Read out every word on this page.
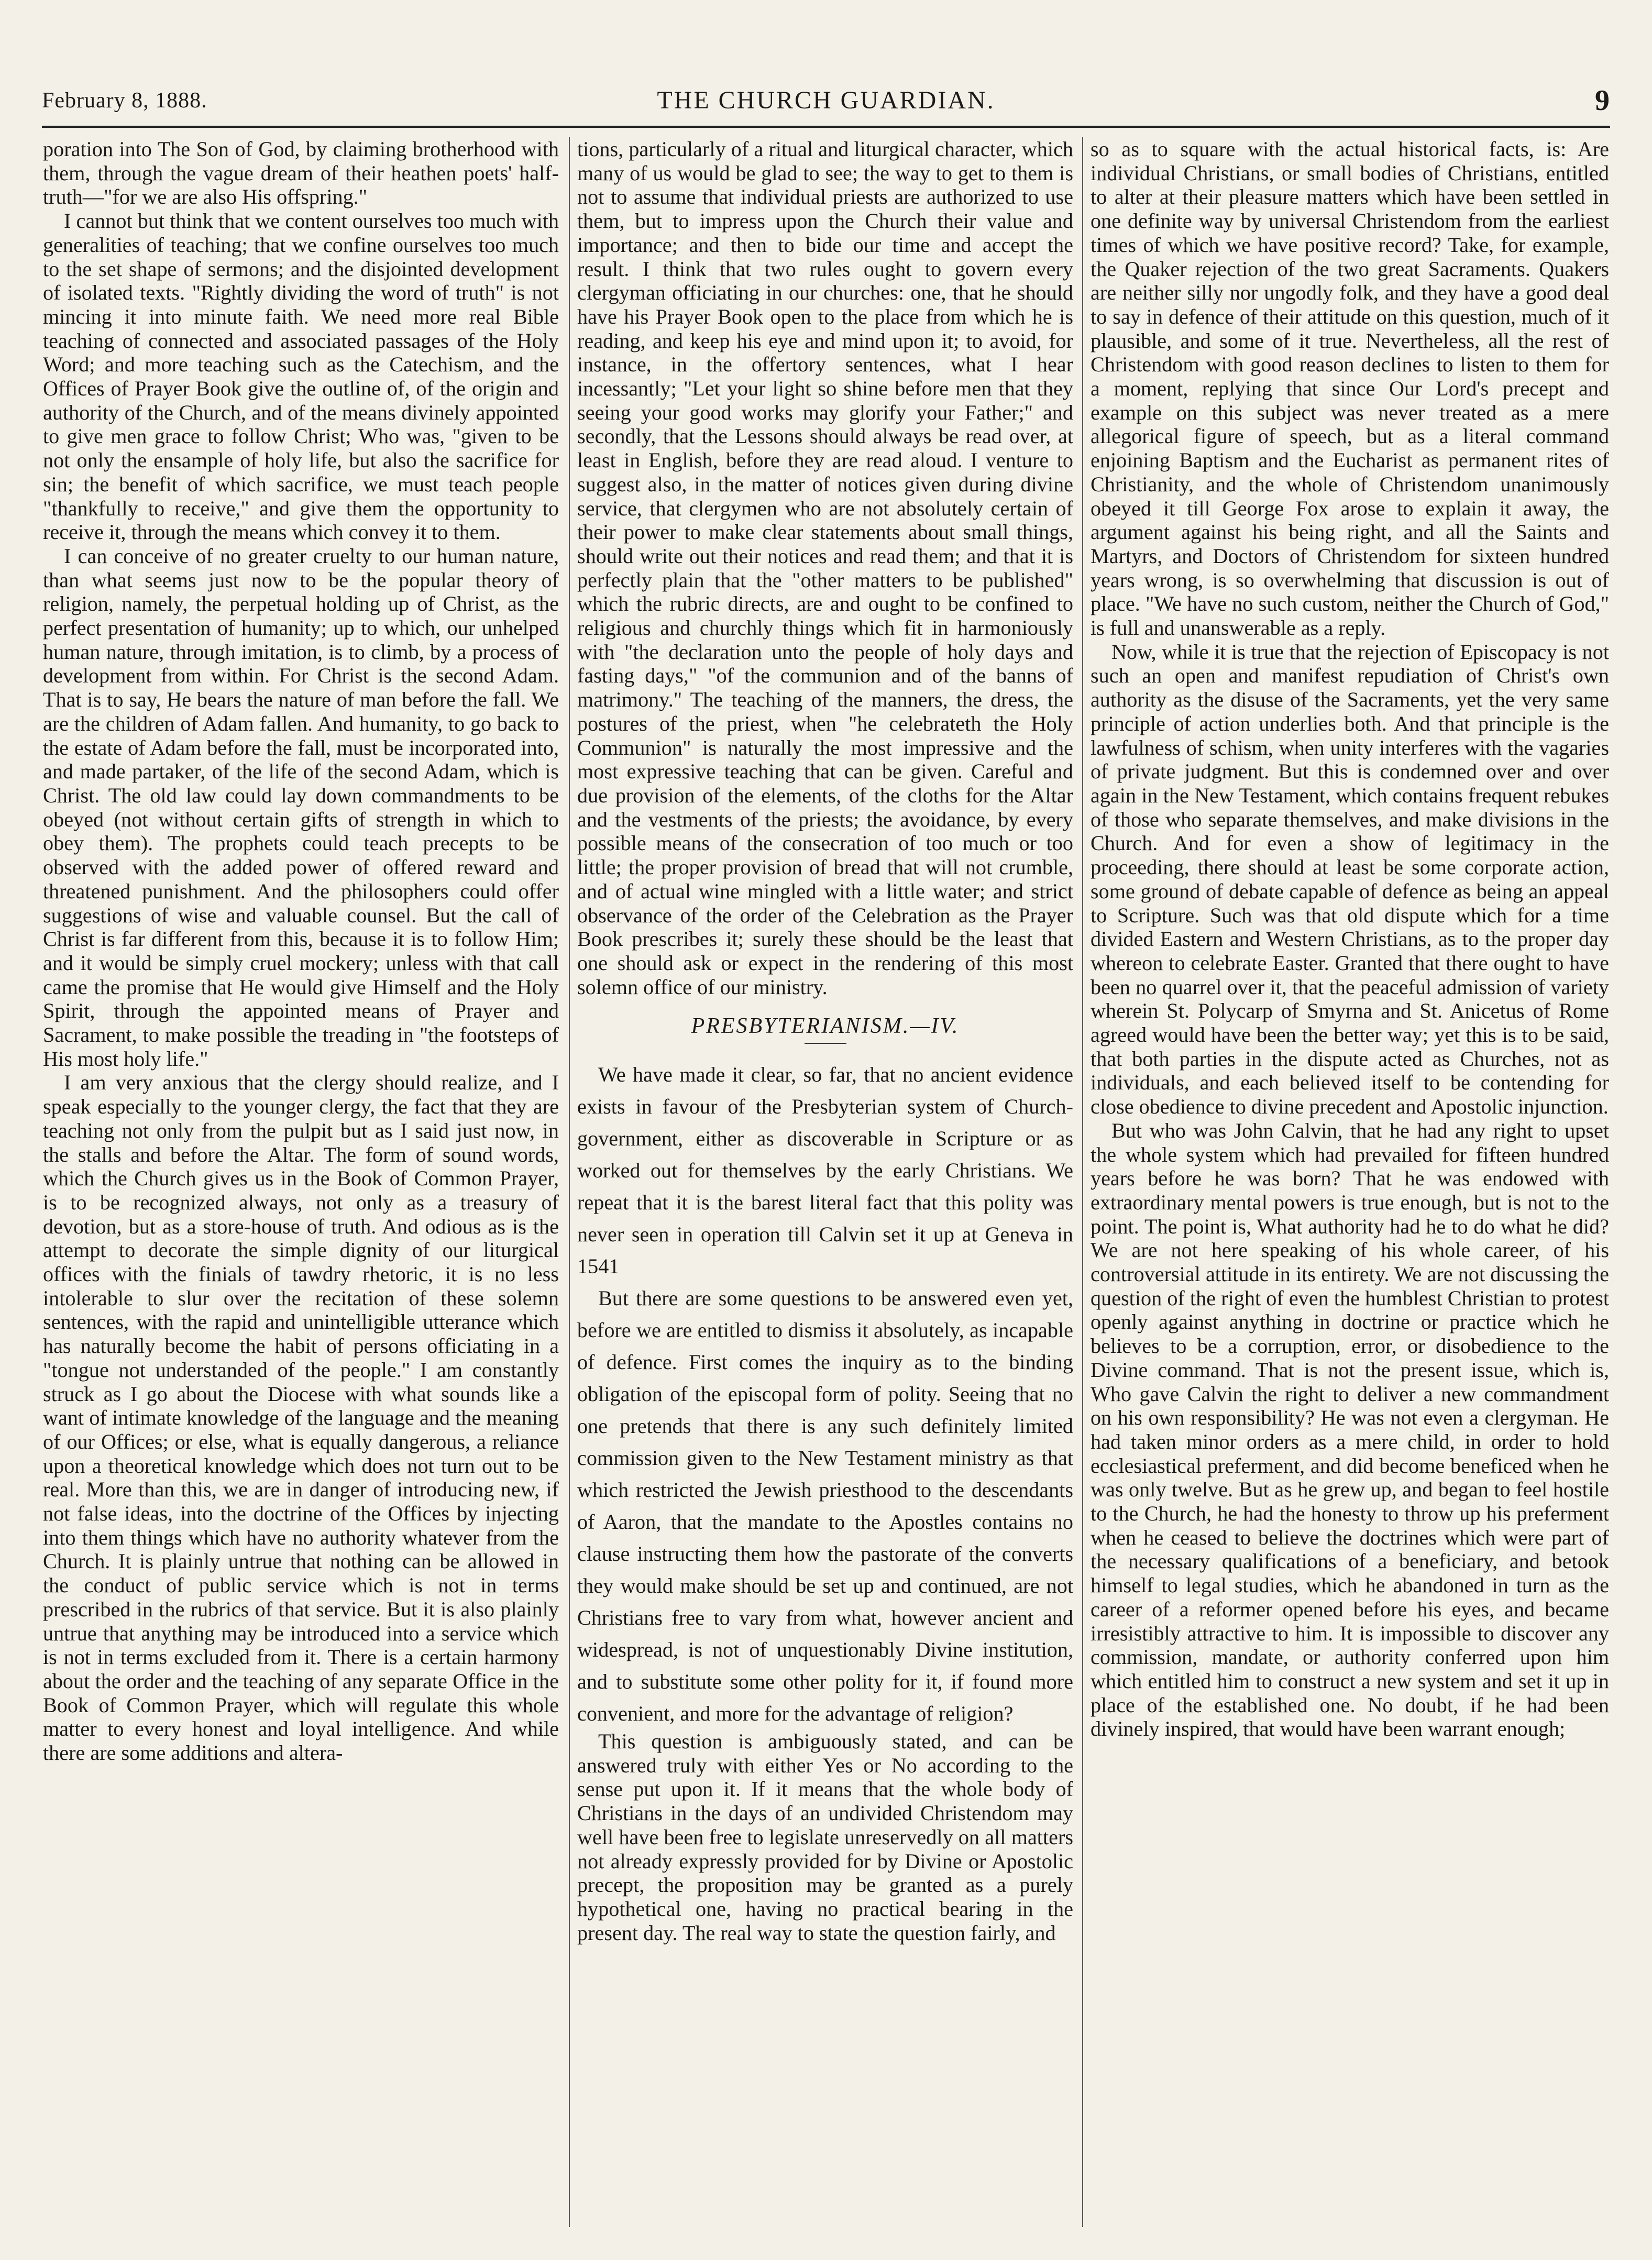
February 8, 1888.	THE CHURCH GUARDIAN.	9

poration into The Son of God, by claiming brotherhood with them, through the vague dream of their heathen poets' half-truth—"for we are also His offspring."

I cannot but think that we content ourselves too much with generalities of teaching; that we confine ourselves too much to the set shape of sermons; and the disjointed development of isolated texts. "Rightly dividing the word of truth" is not mincing it into minute faith. We need more real Bible teaching of connected and associated passages of the Holy Word; and more teaching such as the Catechism, and the Offices of Prayer Book give the outline of, of the origin and authority of the Church, and of the means divinely appointed to give men grace to follow Christ; Who was, "given to be not only the ensample of holy life, but also the sacrifice for sin; the benefit of which sacrifice, we must teach people "thankfully to receive," and give them the opportunity to receive it, through the means which convey it to them.

I can conceive of no greater cruelty to our human nature, than what seems just now to be the popular theory of religion, namely, the perpetual holding up of Christ, as the perfect presentation of humanity; up to which, our unhelped human nature, through imitation, is to climb, by a process of development from within. For Christ is the second Adam. That is to say, He bears the nature of man before the fall. We are the children of Adam fallen. And humanity, to go back to the estate of Adam before the fall, must be incorporated into, and made partaker, of the life of the second Adam, which is Christ. The old law could lay down commandments to be obeyed (not without certain gifts of strength in which to obey them). The prophets could teach precepts to be observed with the added power of offered reward and threatened punishment. And the philosophers could offer suggestions of wise and valuable counsel. But the call of Christ is far different from this, because it is to follow Him; and it would be simply cruel mockery; unless with that call came the promise that He would give Himself and the Holy Spirit, through the appointed means of Prayer and Sacrament, to make possible the treading in "the footsteps of His most holy life."

I am very anxious that the clergy should realize, and I speak especially to the younger clergy, the fact that they are teaching not only from the pulpit but as I said just now, in the stalls and before the Altar. The form of sound words, which the Church gives us in the Book of Common Prayer, is to be recognized always, not only as a treasury of devotion, but as a store-house of truth. And odious as is the attempt to decorate the simple dignity of our liturgical offices with the finials of tawdry rhetoric, it is no less intolerable to slur over the recitation of these solemn sentences, with the rapid and unintelligible utterance which has naturally become the habit of persons officiating in a "tongue not understanded of the people." I am constantly struck as I go about the Diocese with what sounds like a want of intimate knowledge of the language and the meaning of our Offices; or else, what is equally dangerous, a reliance upon a theoretical knowledge which does not turn out to be real. More than this, we are in danger of introducing new, if not false ideas, into the doctrine of the Offices by injecting into them things which have no authority whatever from the Church. It is plainly untrue that nothing can be allowed in the conduct of public service which is not in terms prescribed in the rubrics of that service. But it is also plainly untrue that anything may be introduced into a service which is not in terms excluded from it. There is a certain harmony about the order and the teaching of any separate Office in the Book of Common Prayer, which will regulate this whole matter to every honest and loyal intelligence. And while there are some additions and altera-

tions, particularly of a ritual and liturgical character, which many of us would be glad to see; the way to get to them is not to assume that individual priests are authorized to use them, but to impress upon the Church their value and importance; and then to bide our time and accept the result. I think that two rules ought to govern every clergyman officiating in our churches: one, that he should have his Prayer Book open to the place from which he is reading, and keep his eye and mind upon it; to avoid, for instance, in the offertory sentences, what I hear incessantly; "Let your light so shine before men that they seeing your good works may glorify your Father;" and secondly, that the Lessons should always be read over, at least in English, before they are read aloud. I venture to suggest also, in the matter of notices given during divine service, that clergymen who are not absolutely certain of their power to make clear statements about small things, should write out their notices and read them; and that it is perfectly plain that the "other matters to be published" which the rubric directs, are and ought to be confined to religious and churchly things which fit in harmoniously with "the declaration unto the people of holy days and fasting days," "of the communion and of the banns of matrimony." The teaching of the manners, the dress, the postures of the priest, when "he celebrateth the Holy Communion" is naturally the most impressive and the most expressive teaching that can be given. Careful and due provision of the elements, of the cloths for the Altar and the vestments of the priests; the avoidance, by every possible means of the consecration of too much or too little; the proper provision of bread that will not crumble, and of actual wine mingled with a little water; and strict observance of the order of the Celebration as the Prayer Book prescribes it; surely these should be the least that one should ask or expect in the rendering of this most solemn office of our ministry.

PRESBYTERIANISM.—IV.

We have made it clear, so far, that no ancient evidence exists in favour of the Presbyterian system of Church-government, either as discoverable in Scripture or as worked out for themselves by the early Christians. We repeat that it is the barest literal fact that this polity was never seen in operation till Calvin set it up at Geneva in 1541

But there are some questions to be answered even yet, before we are entitled to dismiss it absolutely, as incapable of defence. First comes the inquiry as to the binding obligation of the episcopal form of polity. Seeing that no one pretends that there is any such definitely limited commission given to the New Testament ministry as that which restricted the Jewish priesthood to the descendants of Aaron, that the mandate to the Apostles contains no clause instructing them how the pastorate of the converts they would make should be set up and continued, are not Christians free to vary from what, however ancient and widespread, is not of unquestionably Divine institution, and to substitute some other polity for it, if found more convenient, and more for the advantage of religion?

This question is ambiguously stated, and can be answered truly with either Yes or No according to the sense put upon it. If it means that the whole body of Christians in the days of an undivided Christendom may well have been free to legislate unreservedly on all matters not already expressly provided for by Divine or Apostolic precept, the proposition may be granted as a purely hypothetical one, having no practical bearing in the present day. The real way to state the question fairly, and

so as to square with the actual historical facts, is: Are individual Christians, or small bodies of Christians, entitled to alter at their pleasure matters which have been settled in one definite way by universal Christendom from the earliest times of which we have positive record? Take, for example, the Quaker rejection of the two great Sacraments. Quakers are neither silly nor ungodly folk, and they have a good deal to say in defence of their attitude on this question, much of it plausible, and some of it true. Nevertheless, all the rest of Christendom with good reason declines to listen to them for a moment, replying that since Our Lord's precept and example on this subject was never treated as a mere allegorical figure of speech, but as a literal command enjoining Baptism and the Eucharist as permanent rites of Christianity, and the whole of Christendom unanimously obeyed it till George Fox arose to explain it away, the argument against his being right, and all the Saints and Martyrs, and Doctors of Christendom for sixteen hundred years wrong, is so overwhelming that discussion is out of place. "We have no such custom, neither the Church of God," is full and unanswerable as a reply.

Now, while it is true that the rejection of Episcopacy is not such an open and manifest repudiation of Christ's own authority as the disuse of the Sacraments, yet the very same principle of action underlies both. And that principle is the lawfulness of schism, when unity interferes with the vagaries of private judgment. But this is condemned over and over again in the New Testament, which contains frequent rebukes of those who separate themselves, and make divisions in the Church. And for even a show of legitimacy in the proceeding, there should at least be some corporate action, some ground of debate capable of defence as being an appeal to Scripture. Such was that old dispute which for a time divided Eastern and Western Christians, as to the proper day whereon to celebrate Easter. Granted that there ought to have been no quarrel over it, that the peaceful admission of variety wherein St. Polycarp of Smyrna and St. Anicetus of Rome agreed would have been the better way; yet this is to be said, that both parties in the dispute acted as Churches, not as individuals, and each believed itself to be contending for close obedience to divine precedent and Apostolic injunction.

But who was John Calvin, that he had any right to upset the whole system which had prevailed for fifteen hundred years before he was born? That he was endowed with extraordinary mental powers is true enough, but is not to the point. The point is, What authority had he to do what he did? We are not here speaking of his whole career, of his controversial attitude in its entirety. We are not discussing the question of the right of even the humblest Christian to protest openly against anything in doctrine or practice which he believes to be a corruption, error, or disobedience to the Divine command. That is not the present issue, which is, Who gave Calvin the right to deliver a new commandment on his own responsibility? He was not even a clergyman. He had taken minor orders as a mere child, in order to hold ecclesiastical preferment, and did become beneficed when he was only twelve. But as he grew up, and began to feel hostile to the Church, he had the honesty to throw up his preferment when he ceased to believe the doctrines which were part of the necessary qualifications of a beneficiary, and betook himself to legal studies, which he abandoned in turn as the career of a reformer opened before his eyes, and became irresistibly attractive to him. It is impossible to discover any commission, mandate, or authority conferred upon him which entitled him to construct a new system and set it up in place of the established one. No doubt, if he had been divinely inspired, that would have been warrant enough;
